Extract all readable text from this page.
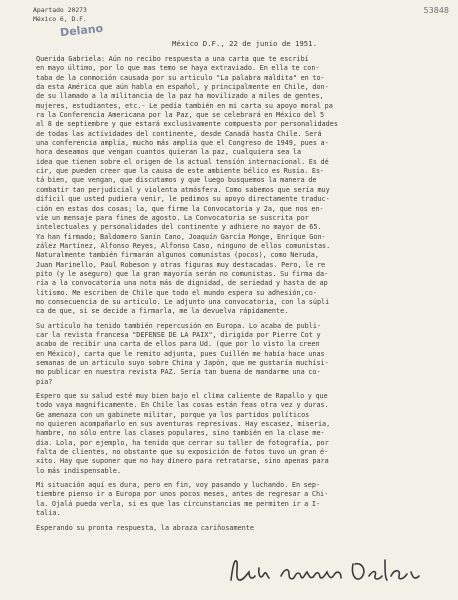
Apartado 20273
México 6, D.F.
Delano
53848
México D.F., 22 de junio de 1951.

Querida Gabriela: Aún no recibo respuesta a una carta que te escribí
en mayo último, por lo que mas temo se haya extraviado. En ella te con-
taba de la conmoción causada por su artículo "La palabra maldita" en to-
da esta América que aún habla en español, y principalmente en Chile, don-
de su llamado a la militancia de la paz ha movilizado a miles de gentes,
mujeres, estudiantes, etc.- Le pedía también en mi carta su apoyo moral pa
ra la Conferencia Americana por la Paz, que se celebrará en México del 5
al 8 de septiembre y que estará exclusivamente compuesta por personalidades
de todas las actividades del continente, desde Canadá hasta Chile. Será
una conferencia amplia, mucho más amplia que el Congreso de 1949, pues a-
hora deseamos que vengan cuantos quieran la paz, cualquiera sea la
idea que tienen sobre el origen de la actual tensión internacional. Es dé
cir, que pueden creer que la causa de este ambiente bélico es Rusia. Es-
tá bien, que vengan, que discutamos y que luego busquemos la manera de
combatir tan perjudicial y violenta atmósfera. Como sabemos que sería muy
difícil que usted pudiera venir, le pedimos su apoyo directamente traduc-
ción en estas dos cosas; la, que firme la Convocatoria y 2a, que nos en-
víe un mensaje para fines de agosto. La Convocatoria se suscrita por
intelectuales y personalidades del continente y adhiere no mayor de 65.
Ya han firmado; Baldomero Sanín Cano, Joaquín García Monge, Enrique Gon-
zález Martínez, Alfonso Reyes, Alfonso Caso, ninguno de ellos comunistas.
Naturalmente también firmarán algunos comunistas (pocos), como Neruda,
Juan Marinello, Paul Robeson y otras figuras muy destacadas. Pero, le re
pito (y le aseguro) que la gran mayoría serán no comunistas. Su firma da-
ría a la convocatoria una nota más de dignidad, de seriedad y hasta de ap
litismo. Me escriben de Chile que todo el mundo espera su adhesión,co-
mo consecuencia de su artículo. Le adjunto una convocatoria, con la súpli
ca de que, si se decide a firmarla, me la devuelva rápidamente.

Su artículo ha tenido también repercusión en Europa. Lo acaba de publi-
car la revista francesa "DEFENSE DE LA PAIX", dirigida por Pierre Cot y
acabo de recibir una carta de ellos para Ud. (que por lo visto la creen
en México), carta que le remito adjunta, pues Cuillén me había hace unas
semanas de un artículo suyo sobre China y Japón, que me gustaría muchísi-
mo publicar en nuestra revista PAZ. Sería tan buena de mandarme una co-
pia?

Espero que su salud esté muy bien bajo el clima caliente de Rapallo y que
todo vaya magníficamente. En Chile las cosas están feas otra vez y duras.
Ge amenaza con un gabinete militar, porque ya los partidos políticos
no quieren acompañarlo en sus aventuras represivas. Hay escasez, miseria,
hambre, no sólo entre las clases populares, sino también en la clase me-
dia. Lola, por ejemplo, ha tenido que cerrar su taller de fotografía, por
falta de clientes, no obstante que su exposición de fotos tuvo un gran é-
xito. Hay que suponer que no hay dinero para retratarse, sino apenas para
lo más indispensable.

Mi situación aquí es dura, pero en fin, voy pasando y luchando. En sep-
tiembre pienso ir a Europa por unos pocos meses, antes de regresar a Chi-
la. Ojalá pueda verla, si es que las circunstancias me permiten ir a I-
talia.

Esperando su pronta respuesta, la abraza cariñosamente
